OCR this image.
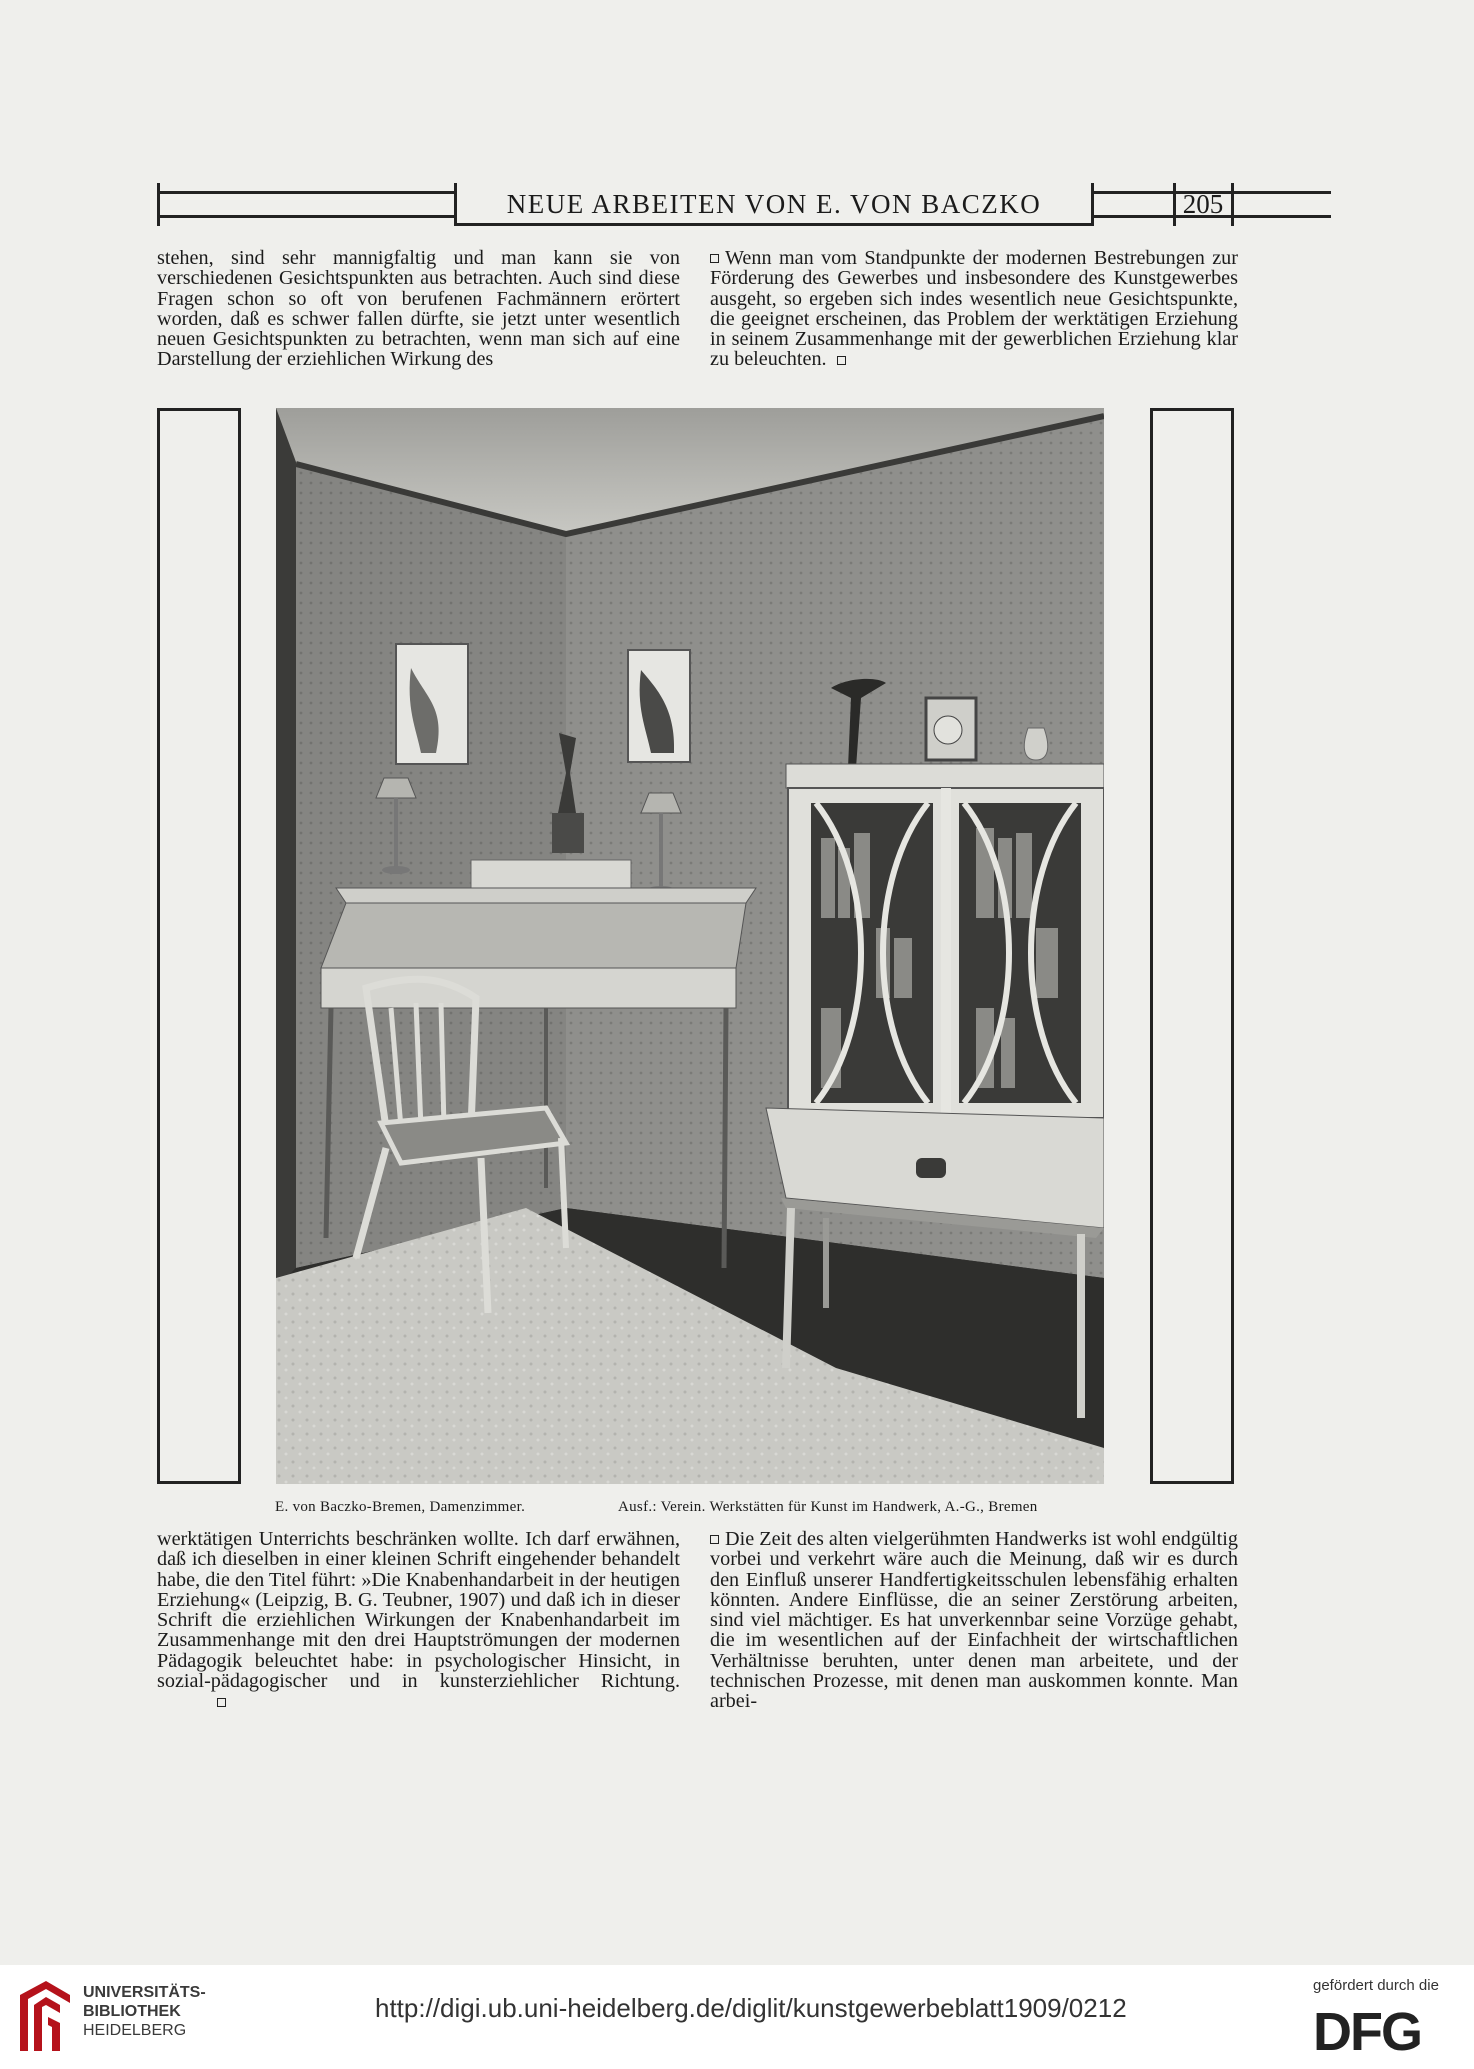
NEUE ARBEITEN VON E. VON BACZKO	205

stehen, sind sehr mannigfaltig und man kann sie von verschiedenen Gesichtspunkten aus betrachten. Auch sind diese Fragen schon so oft von berufenen Fachmännern erörtert worden, daß es schwer fallen dürfte, sie jetzt unter wesentlich neuen Gesichtspunkten zu betrachten, wenn man sich auf eine Darstellung der erziehlichen Wirkung des

Wenn man vom Standpunkte der modernen Bestrebungen zur Förderung des Gewerbes und insbesondere des Kunstgewerbes ausgeht, so ergeben sich indes wesentlich neue Gesichtspunkte, die geeignet erscheinen, das Problem der werktätigen Erziehung in seinem Zusammenhange mit der gewerblichen Erziehung klar zu beleuchten.

E. von Baczko-Bremen, Damenzimmer.	Ausf.: Verein. Werkstätten für Kunst im Handwerk, A.-G., Bremen

werktätigen Unterrichts beschränken wollte. Ich darf erwähnen, daß ich dieselben in einer kleinen Schrift eingehender behandelt habe, die den Titel führt: »Die Knabenhandarbeit in der heutigen Erziehung« (Leipzig, B. G. Teubner, 1907) und daß ich in dieser Schrift die erziehlichen Wirkungen der Knabenhandarbeit im Zusammenhange mit den drei Hauptströmungen der modernen Pädagogik beleuchtet habe: in psychologischer Hinsicht, in sozial-pädagogischer und in kunsterziehlicher Richtung.

Die Zeit des alten vielgerühmten Handwerks ist wohl endgültig vorbei und verkehrt wäre auch die Meinung, daß wir es durch den Einfluß unserer Handfertigkeitsschulen lebensfähig erhalten könnten. Andere Einflüsse, die an seiner Zerstörung arbeiten, sind viel mächtiger. Es hat unverkennbar seine Vorzüge gehabt, die im wesentlichen auf der Einfachheit der wirtschaftlichen Verhältnisse beruhten, unter denen man arbeitete, und der technischen Prozesse, mit denen man auskommen konnte. Man arbei-

UNIVERSITÄTS-
BIBLIOTHEK
HEIDELBERG
http://digi.ub.uni-heidelberg.de/diglit/kunstgewerbeblatt1909/0212
gefördert durch die
DFG
